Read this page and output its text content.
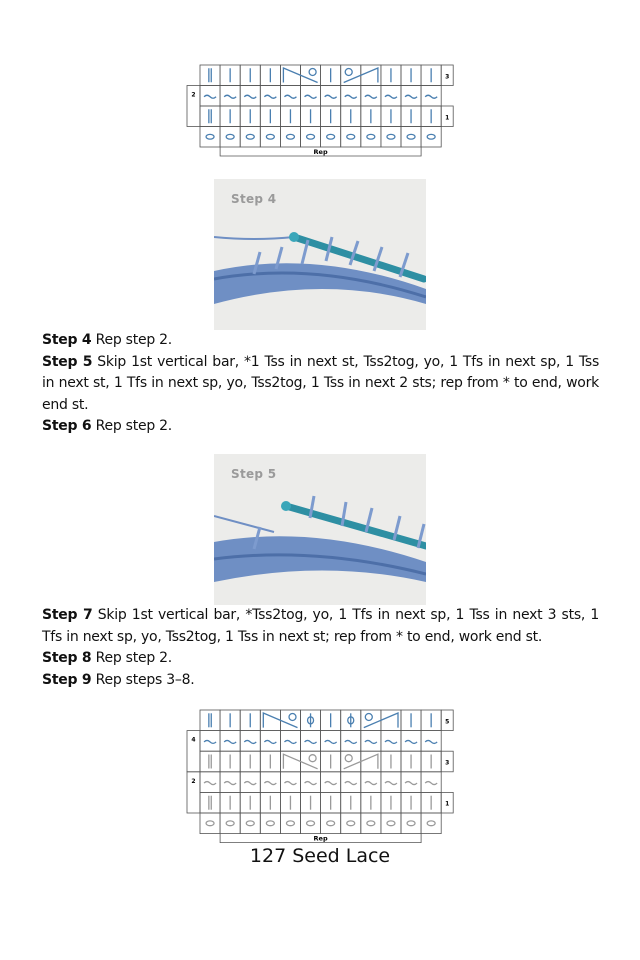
3
2
1
Rep
Step 4
Step 4 Rep step 2.
Step 5 Skip 1st vertical bar, *1 Tss in next st, Tss2tog, yo, 1 Tfs in next sp, 1 Tss in next st, 1 Tfs in next sp, yo, Tss2tog, 1 Tss in next 2 sts; rep from * to end, work end st.
Step 6 Rep step 2.
Step 5
Step 7 Skip 1st vertical bar, *Tss2tog, yo, 1 Tfs in next sp, 1 Tss in next 3 sts, 1 Tfs in next sp, yo, Tss2tog, 1 Tss in next st; rep from * to end, work end st.
Step 8 Rep step 2.
Step 9 Rep steps 3–8.
5
4
3
2
1
Rep
127 Seed Lace
